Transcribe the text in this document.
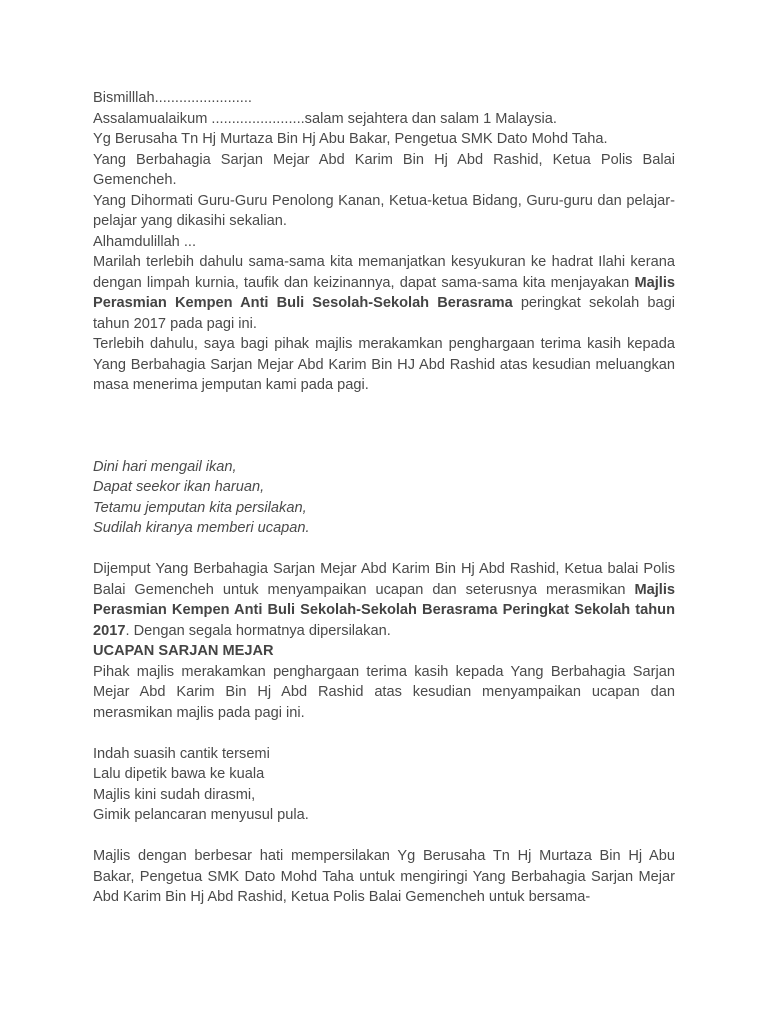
Bismilllah........................

Assalamualaikum .......................salam sejahtera dan salam 1 Malaysia.

Yg Berusaha Tn Hj Murtaza Bin Hj Abu Bakar, Pengetua SMK Dato Mohd Taha.

Yang Berbahagia Sarjan Mejar Abd Karim Bin Hj Abd Rashid, Ketua Polis Balai Gemencheh.

Yang Dihormati Guru-Guru Penolong Kanan, Ketua-ketua Bidang, Guru-guru dan pelajar-pelajar yang dikasihi sekalian.

Alhamdulillah ...

Marilah terlebih dahulu sama-sama kita memanjatkan kesyukuran ke hadrat Ilahi kerana dengan limpah kurnia, taufik dan keizinannya, dapat sama-sama kita menjayakan Majlis Perasmian Kempen Anti Buli Sesolah-Sekolah Berasrama peringkat sekolah bagi tahun 2017 pada pagi ini.

Terlebih dahulu, saya bagi pihak majlis merakamkan penghargaan terima kasih kepada Yang Berbahagia Sarjan Mejar Abd Karim Bin HJ Abd Rashid atas kesudian meluangkan masa menerima jemputan kami pada pagi.

Dini hari mengail ikan,

Dapat seekor ikan haruan,

Tetamu jemputan kita persilakan,

Sudilah kiranya memberi ucapan.

Dijemput Yang Berbahagia Sarjan Mejar Abd Karim Bin Hj Abd Rashid, Ketua balai Polis Balai Gemencheh untuk menyampaikan ucapan dan seterusnya merasmikan Majlis Perasmian Kempen Anti Buli Sekolah-Sekolah Berasrama Peringkat Sekolah tahun 2017. Dengan segala hormatnya dipersilakan.

UCAPAN SARJAN MEJAR

Pihak majlis merakamkan penghargaan terima kasih kepada Yang Berbahagia Sarjan Mejar Abd Karim Bin Hj Abd Rashid atas kesudian menyampaikan ucapan dan merasmikan majlis pada pagi ini.

Indah suasih cantik tersemi

Lalu dipetik bawa ke kuala

Majlis kini sudah dirasmi,

Gimik pelancaran menyusul pula.

Majlis dengan berbesar hati mempersilakan Yg Berusaha Tn Hj Murtaza Bin Hj Abu Bakar, Pengetua SMK Dato Mohd Taha untuk mengiringi Yang Berbahagia Sarjan Mejar Abd Karim Bin Hj Abd Rashid, Ketua Polis Balai Gemencheh untuk bersama-
